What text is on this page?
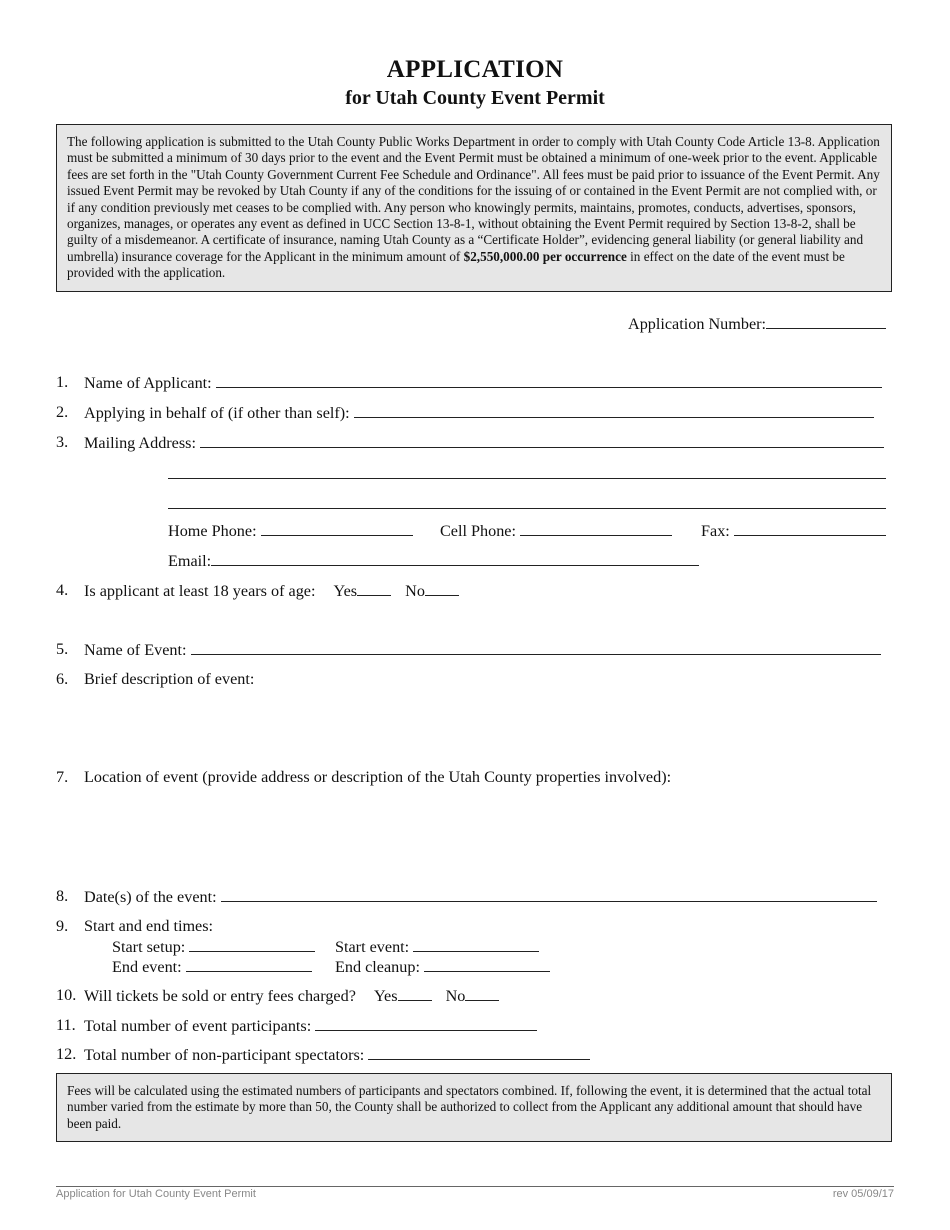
APPLICATION
for Utah County Event Permit
The following application is submitted to the Utah County Public Works Department in order to comply with Utah County Code Article 13-8. Application must be submitted a minimum of 30 days prior to the event and the Event Permit must be obtained a minimum of one-week prior to the event. Applicable fees are set forth in the "Utah County Government Current Fee Schedule and Ordinance". All fees must be paid prior to issuance of the Event Permit. Any issued Event Permit may be revoked by Utah County if any of the conditions for the issuing of or contained in the Event Permit are not complied with, or if any condition previously met ceases to be complied with. Any person who knowingly permits, maintains, promotes, conducts, advertises, sponsors, organizes, manages, or operates any event as defined in UCC Section 13-8-1, without obtaining the Event Permit required by Section 13-8-2, shall be guilty of a misdemeanor. A certificate of insurance, naming Utah County as a “Certificate Holder”, evidencing general liability (or general liability and umbrella) insurance coverage for the Applicant in the minimum amount of $2,550,000.00 per occurrence in effect on the date of the event must be provided with the application.
Application Number:
1. Name of Applicant:
2. Applying in behalf of (if other than self):
3. Mailing Address:
Home Phone:	Cell Phone:	Fax:
Email:
4. Is applicant at least 18 years of age: Yes	No
5. Name of Event:
6. Brief description of event:
7. Location of event (provide address or description of the Utah County properties involved):
8. Date(s) of the event:
9. Start and end times:
Start setup:	Start event:
End event:	End cleanup:
10. Will tickets be sold or entry fees charged? Yes	No
11. Total number of event participants:
12. Total number of non-participant spectators:
Fees will be calculated using the estimated numbers of participants and spectators combined. If, following the event, it is determined that the actual total number varied from the estimate by more than 50, the County shall be authorized to collect from the Applicant any additional amount that should have been paid.
Application for Utah County Event Permit	rev 05/09/17
